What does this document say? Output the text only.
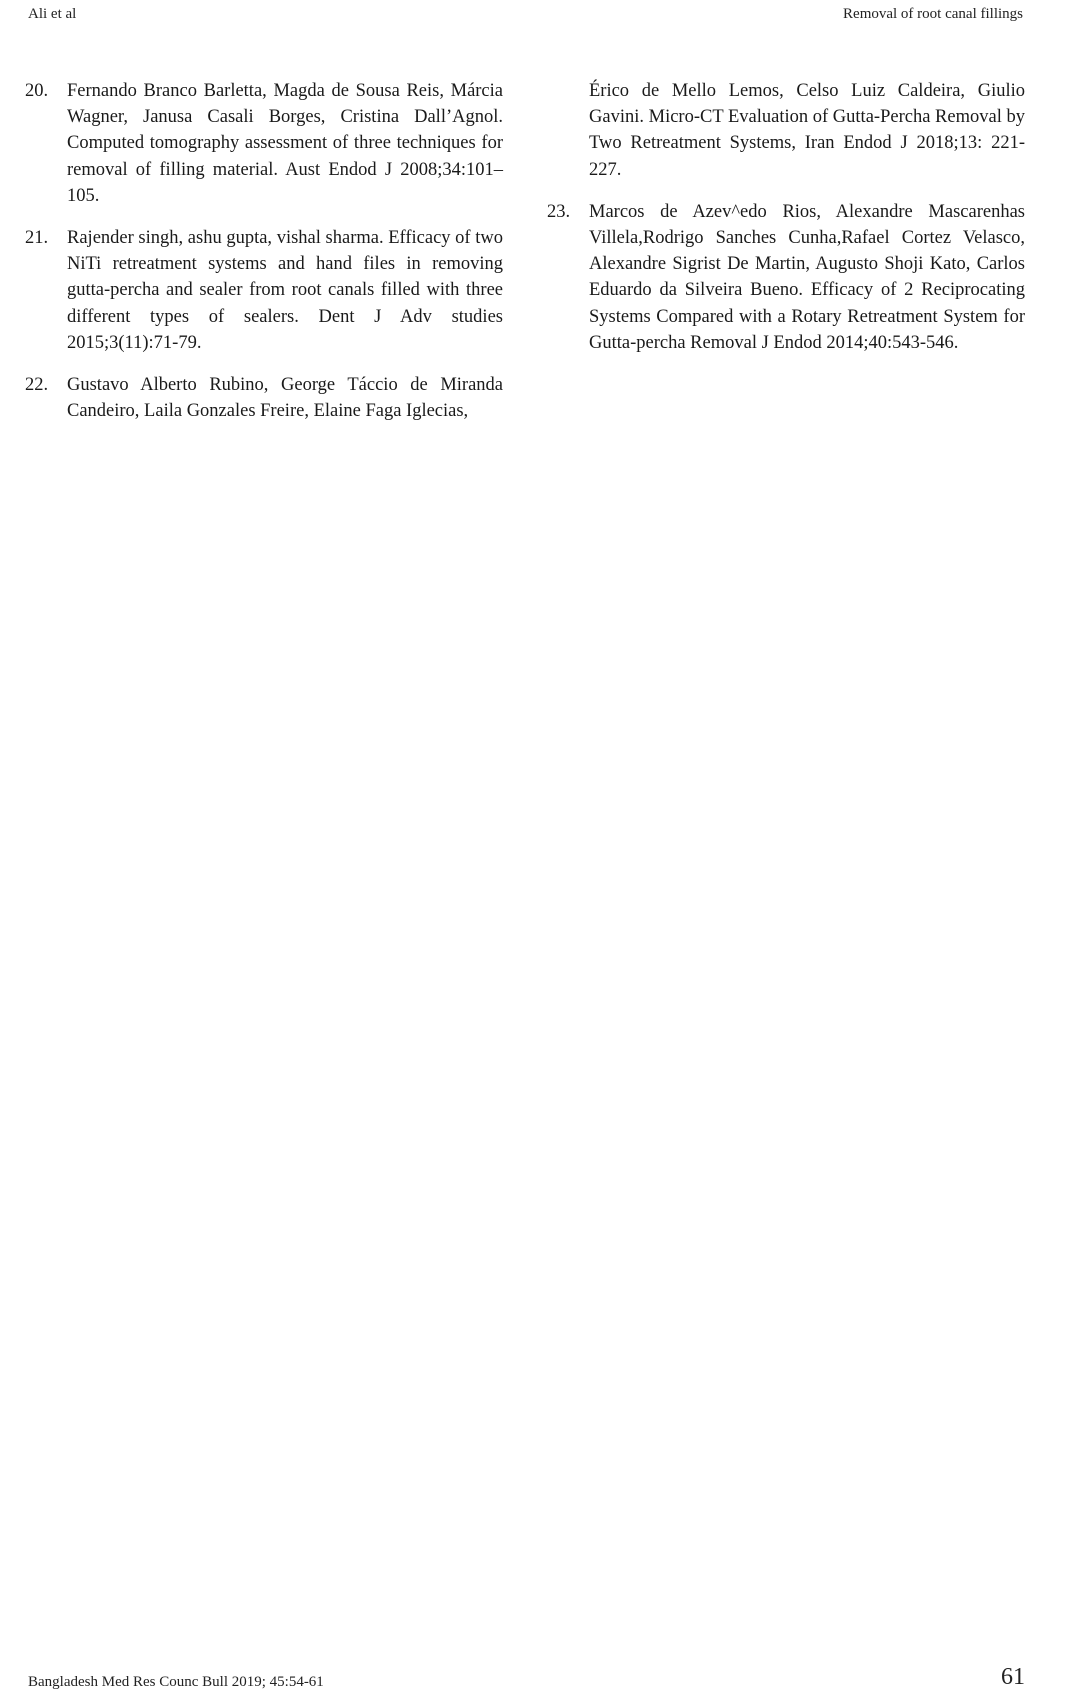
Ali et al	Removal of root canal fillings
20. Fernando Branco Barletta, Magda de Sousa Reis, Márcia Wagner, Janusa Casali Borges, Cristina Dall’Agnol. Computed tomography assessment of three techniques for removal of filling material. Aust Endod J 2008;34:101–105.
21. Rajender singh, ashu gupta, vishal sharma. Efficacy of two NiTi retreatment systems and hand files in removing gutta-percha and sealer from root canals filled with three different types of sealers. Dent J Adv studies 2015;3(11):71-79.
22. Gustavo Alberto Rubino, George Táccio de Miranda Candeiro, Laila Gonzales Freire, Elaine Faga Iglecias,
Érico de Mello Lemos, Celso Luiz Caldeira, Giulio Gavini. Micro-CT Evaluation of Gutta-Percha Removal by Two Retreatment Systems, Iran Endod J 2018;13: 221-227.
23. Marcos de Azev^edo Rios, Alexandre Mascarenhas Villela,Rodrigo Sanches Cunha,Rafael Cortez Velasco, Alexandre Sigrist De Martin, Augusto Shoji Kato, Carlos Eduardo da Silveira Bueno. Efficacy of 2 Reciprocating Systems Compared with a Rotary Retreatment System for Gutta-percha Removal J Endod 2014;40:543-546.
Bangladesh Med Res Counc Bull 2019; 45:54-61	61
